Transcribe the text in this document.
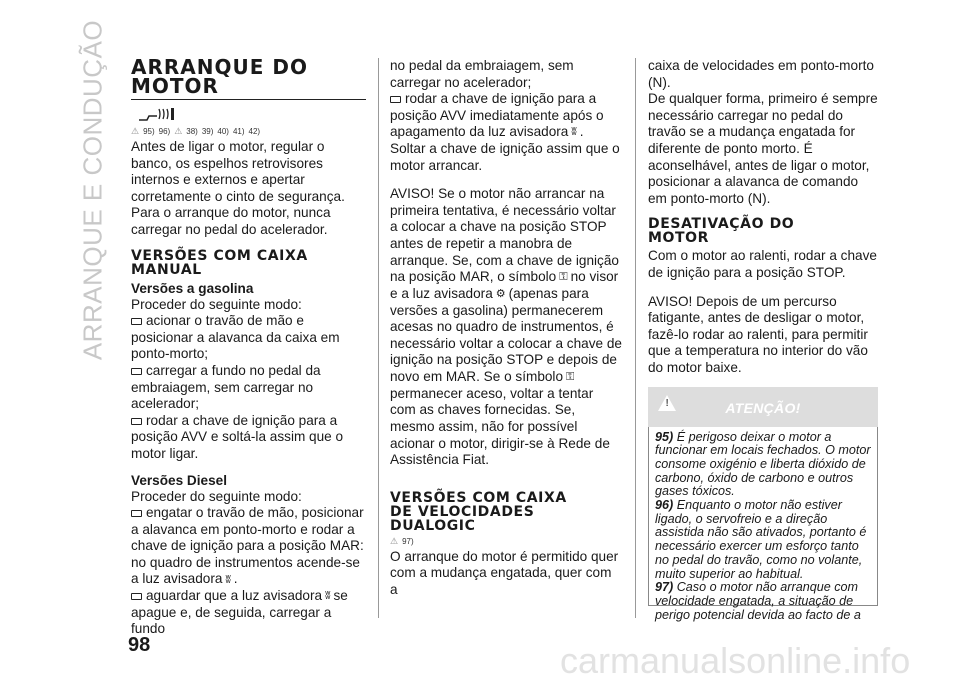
ARRANQUE E CONDUÇÃO ARRANQUE DO
MOTOR
⚠ 95) 96) ⚠ 38) 39) 40) 41) 42)

Antes de ligar o motor, regular o banco, os espelhos retrovisores internos e externos e apertar corretamente o cinto de segurança. Para o arranque do motor, nunca carregar no pedal do acelerador.

VERSÕES COM CAIXA
MANUAL
Versões a gasolina

Proceder do seguinte modo:

acionar o travão de mão e posicionar a alavanca da caixa em ponto-morto;

carregar a fundo no pedal da embraiagem, sem carregar no acelerador;

rodar a chave de ignição para a posição AVV e soltá-la assim que o motor ligar.

Versões Diesel

Proceder do seguinte modo:

engatar o travão de mão, posicionar a alavanca em ponto-morto e rodar a chave de ignição para a posição MAR: no quadro de instrumentos acende-se a luz avisadora ʬ .

aguardar que a luz avisadora ʬ se apague e, de seguida, carregar a fundo

no pedal da embraiagem, sem carregar no acelerador;

rodar a chave de ignição para a posição AVV imediatamente após o apagamento da luz avisadora ʬ .

Soltar a chave de ignição assim que o motor arrancar.

AVISO! Se o motor não arrancar na primeira tentativa, é necessário voltar a colocar a chave na posição STOP antes de repetir a manobra de arranque. Se, com a chave de ignição na posição MAR, o símbolo ⚿ no visor e a luz avisadora ⚙ (apenas para versões a gasolina) permanecerem acesas no quadro de instrumentos, é necessário voltar a colocar a chave de ignição na posição STOP e depois de novo em MAR. Se o símbolo ⚿permanecer aceso, voltar a tentar com as chaves fornecidas. Se, mesmo assim, não for possível acionar o motor, dirigir-se à Rede de Assistência Fiat.

VERSÕES COM CAIXA
DE VELOCIDADES
DUALOGIC
⚠ 97)

O arranque do motor é permitido quer com a mudança engatada, quer com a

caixa de velocidades em ponto-morto (N).

De qualquer forma, primeiro é sempre necessário carregar no pedal do travão se a mudança engatada for diferente de ponto morto. É aconselhável, antes de ligar o motor, posicionar a alavanca de comando em ponto-morto (N).

DESATIVAÇÃO DO
MOTOR

Com o motor ao ralenti, rodar a chave de ignição para a posição STOP.

AVISO! Depois de um percurso fatigante, antes de desligar o motor, fazê-lo rodar ao ralenti, para permitir que a temperatura no interior do vão do motor baixe.

!	ATENÇÃO!

95) É perigoso deixar o motor a funcionar em locais fechados. O motor consome oxigénio e liberta dióxido de carbono, óxido de carbono e outros gases tóxicos.

96) Enquanto o motor não estiver ligado, o servofreio e a direção assistida não são ativados, portanto é necessário exercer um esforço tanto no pedal do travão, como no volante, muito superior ao habitual.

97) Caso o motor não arranque com velocidade engatada, a situação de perigo potencial devida ao facto de a

98	carmanualsonline.info
